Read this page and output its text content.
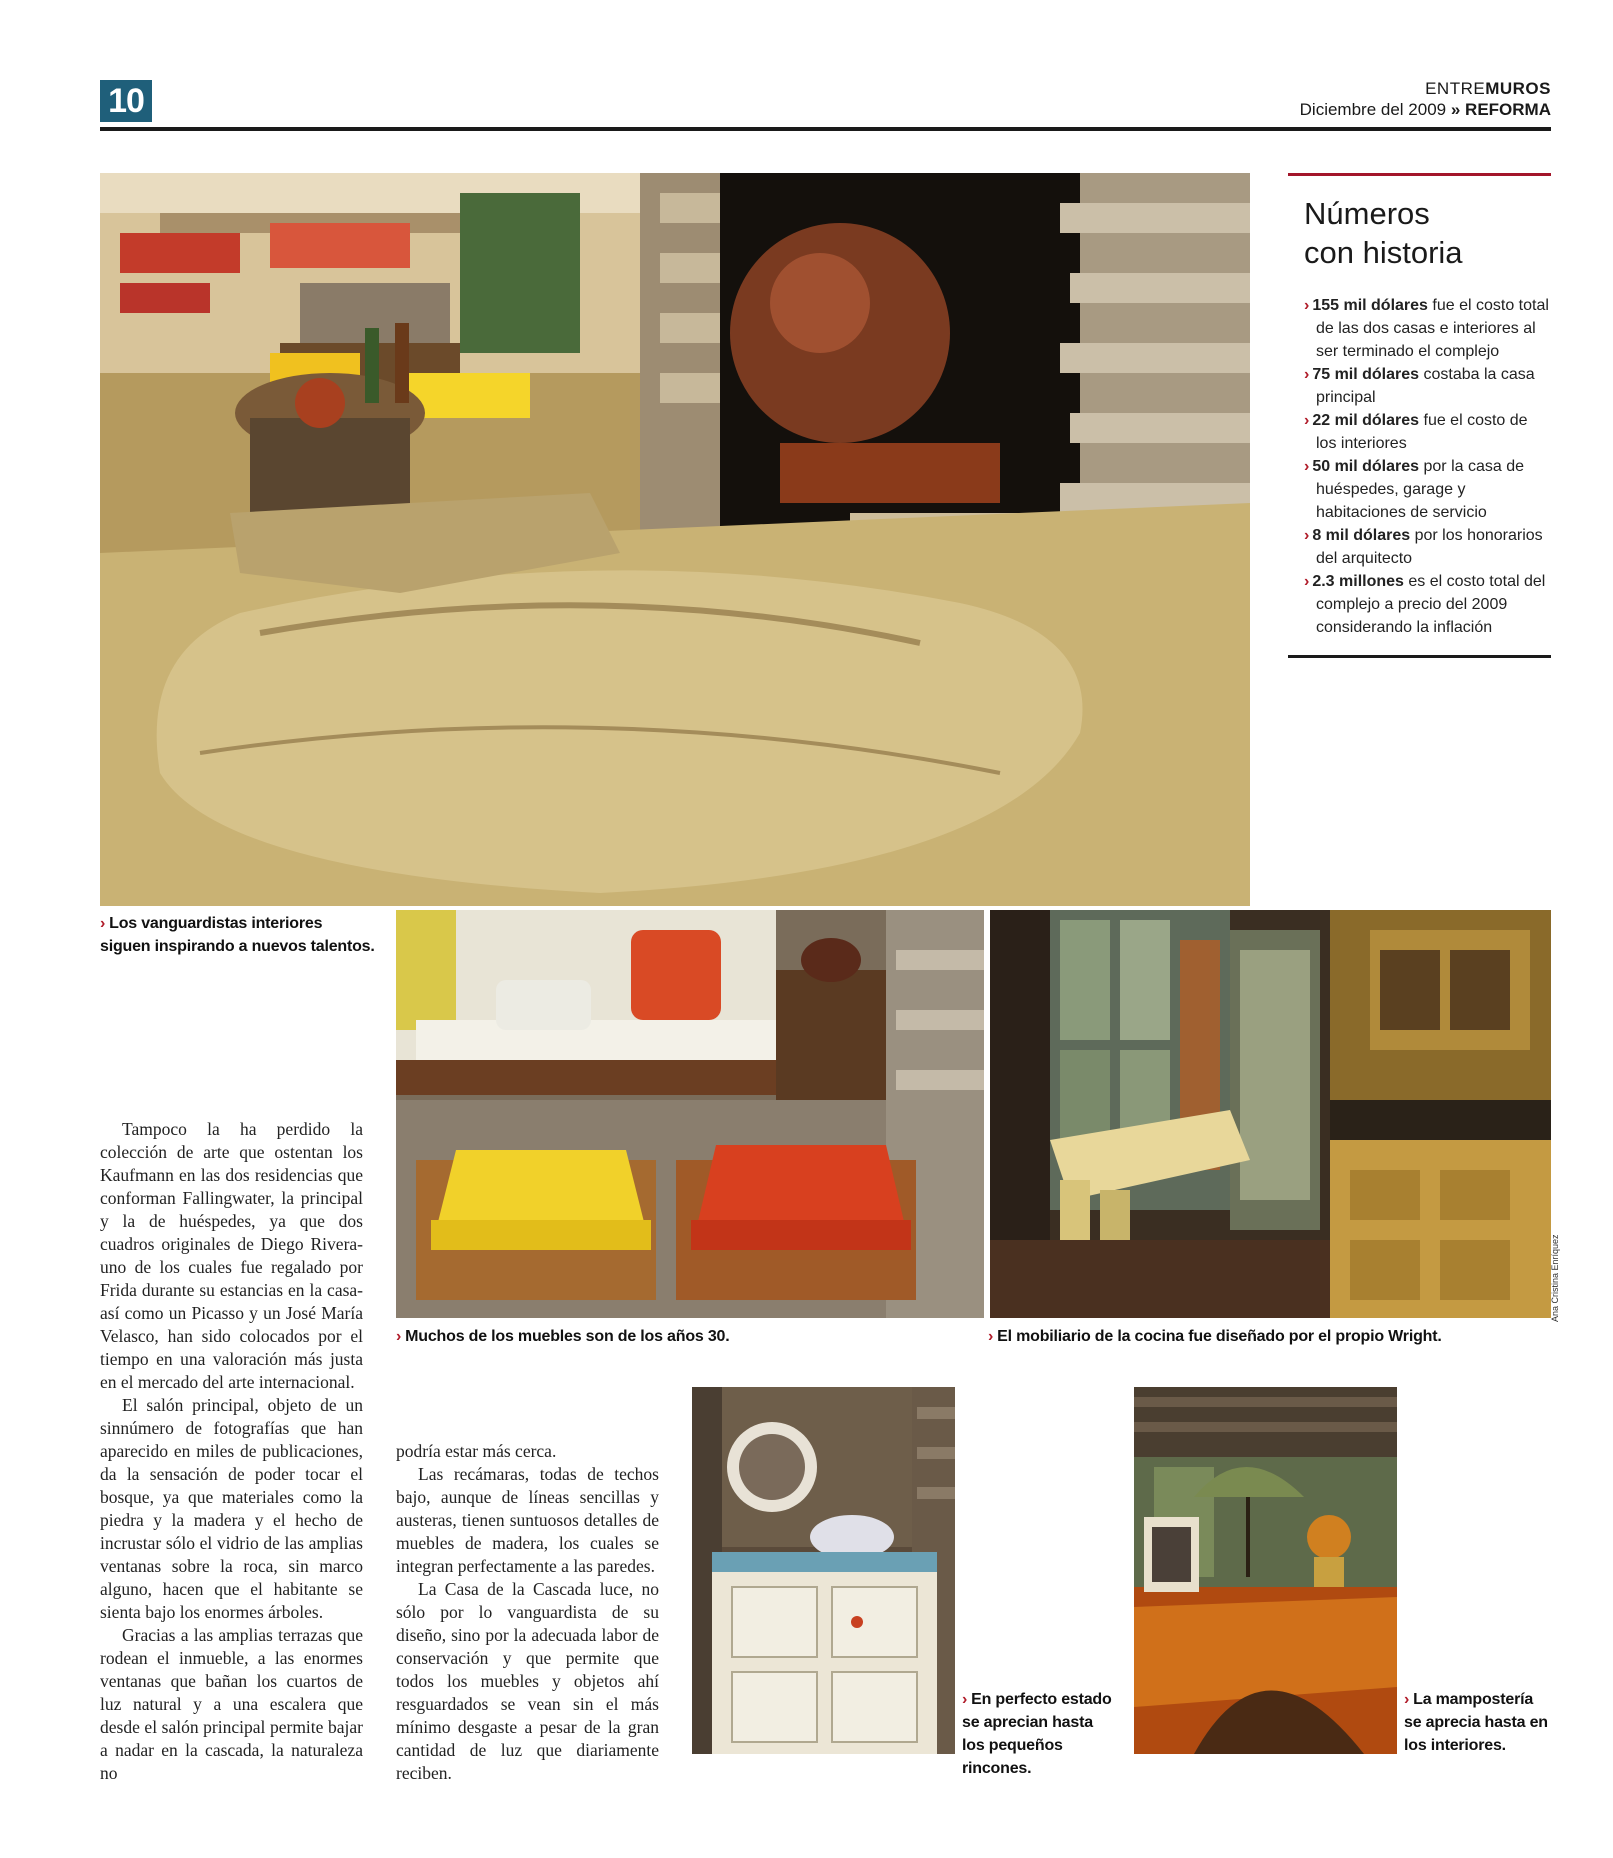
10	ENTREMUROS
Diciembre del 2009 » REFORMA
Números
con historia
› 155 mil dólares fue el costo total de las dos casas e interiores al ser terminado el complejo
› 75 mil dólares costaba la casa principal
› 22 mil dólares fue el costo de los interiores
› 50 mil dólares por la casa de huéspedes, garage y habitaciones de servicio
› 8 mil dólares por los honorarios del arquitecto
› 2.3 millones es el costo total del complejo a precio del 2009 considerando la inflación
› Los vanguardistas interiores siguen inspirando a nuevos talentos.
Ana Cristina Enríquez
› Muchos de los muebles son de los años 30.	› El mobiliario de la cocina fue diseñado por el propio Wright.

Tampoco la ha perdido la colección de arte que ostentan los Kaufmann en las dos residencias que conforman Fallingwater, la principal y la de huéspedes, ya que dos cuadros originales de Diego Rivera- uno de los cuales fue regalado por Frida durante su estancias en la casa- así como un Picasso y un José María Velasco, han sido colocados por el tiempo en una valoración más justa en el mercado del arte internacional.

El salón principal, objeto de un sinnúmero de fotografías que han aparecido en miles de publicaciones, da la sensación de poder tocar el bosque, ya que materiales como la piedra y la madera y el hecho de incrustar sólo el vidrio de las amplias ventanas sobre la roca, sin marco alguno, hacen que el habitante se sienta bajo los enormes árboles.

Gracias a las amplias terrazas que rodean el inmueble, a las enormes ventanas que bañan los cuartos de luz natural y a una escalera que desde el salón principal permite bajar a nadar en la cascada, la naturaleza no

podría estar más cerca.

Las recámaras, todas de techos bajo, aunque de líneas sencillas y austeras, tienen suntuosos detalles de muebles de madera, los cuales se integran perfectamente a las paredes.

La Casa de la Cascada luce, no sólo por lo vanguardista de su diseño, sino por la adecuada labor de conservación y que permite que todos los muebles y objetos ahí resguardados se vean sin el más mínimo desgaste a pesar de la gran cantidad de luz que diariamente reciben.

› En perfecto estado se aprecian hasta los pequeños rincones.
› La mampostería se aprecia hasta en los interiores.
